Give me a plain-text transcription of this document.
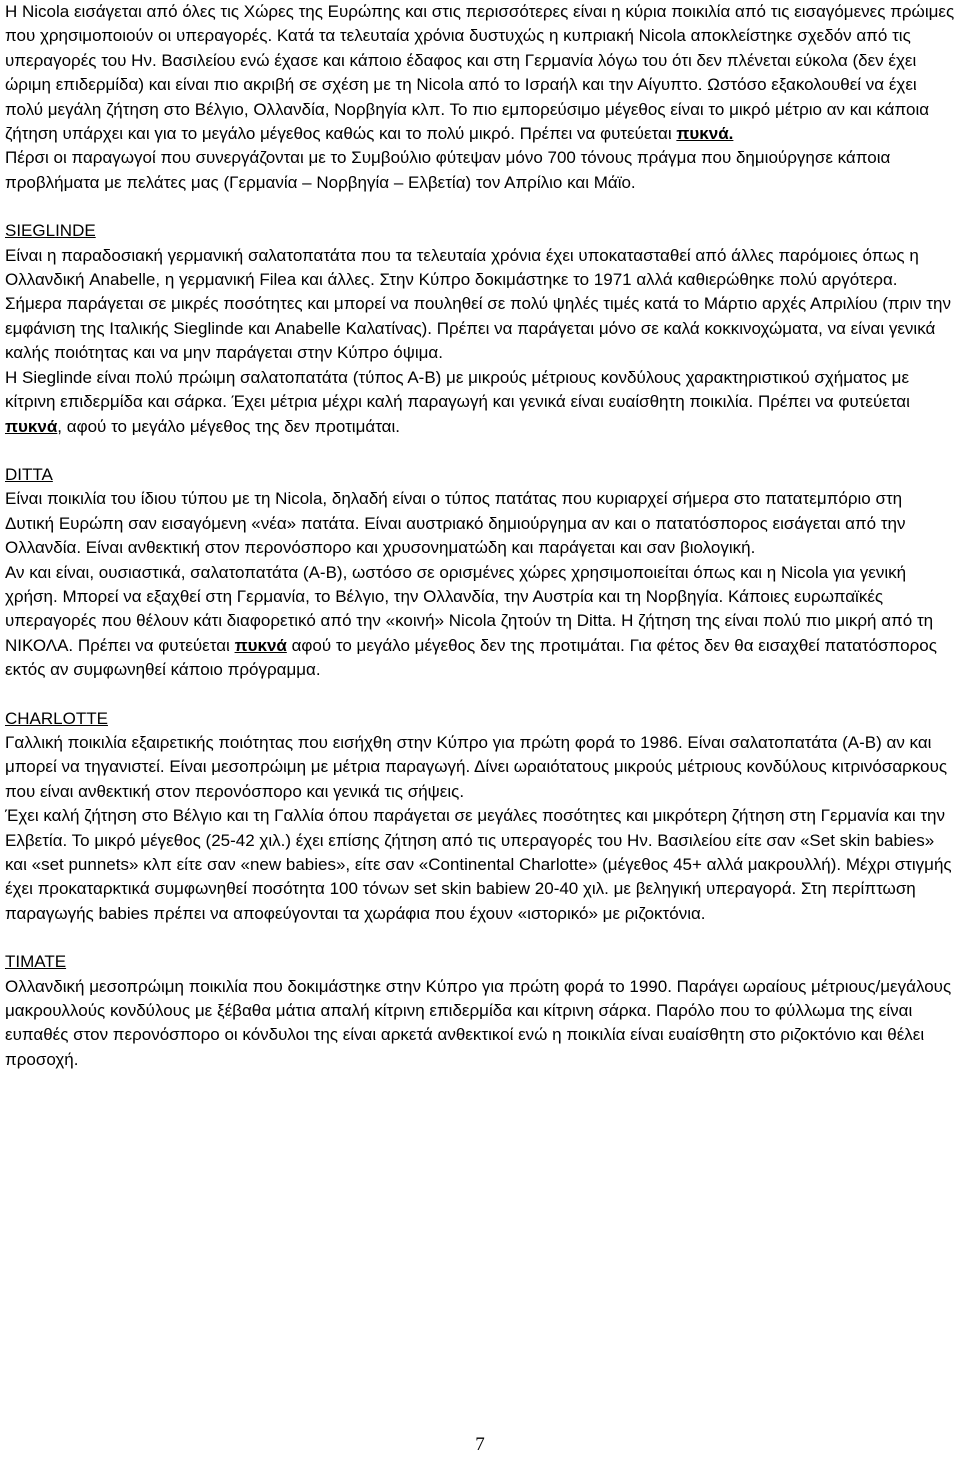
Η Nicola εισάγεται από όλες τις Χώρες της Ευρώπης και στις περισσότερες είναι η κύρια ποικιλία από τις εισαγόμενες πρώιμες που χρησιμοποιούν οι υπεραγορές. Κατά τα τελευταία χρόνια δυστυχώς η κυπριακή Nicola αποκλείστηκε σχεδόν από τις υπεραγορές του Ην. Βασιλείου ενώ έχασε και κάποιο έδαφος και στη Γερμανία λόγω του ότι δεν πλένεται εύκολα (δεν έχει ώριμη επιδερμίδα) και είναι πιο ακριβή σε σχέση με τη Nicola από το Ισραήλ και την Αίγυπτο. Ωστόσο εξακολουθεί να έχει πολύ μεγάλη ζήτηση στο Βέλγιο, Ολλανδία, Νορβηγία κλπ. Το πιο εμπορεύσιμο μέγεθος είναι το μικρό μέτριο αν και κάποια ζήτηση υπάρχει και για το μεγάλο μέγεθος καθώς και το πολύ μικρό. Πρέπει να φυτεύεται πυκνά.

Πέρσι οι παραγωγοί που συνεργάζονται με το Συμβούλιο φύτεψαν μόνο 700 τόνους πράγμα που δημιούργησε κάποια προβλήματα με πελάτες μας (Γερμανία – Νορβηγία – Ελβετία) τον Απρίλιο και Μάϊο.

SIEGLINDE

Είναι η παραδοσιακή γερμανική σαλατοπατάτα που τα τελευταία χρόνια έχει υποκατασταθεί από άλλες παρόμοιες όπως η Ολλανδική Anabelle, η γερμανική Filea και άλλες. Στην Κύπρο δοκιμάστηκε το 1971 αλλά καθιερώθηκε πολύ αργότερα. Σήμερα παράγεται σε μικρές ποσότητες και μπορεί να πουληθεί σε πολύ ψηλές τιμές κατά το Μάρτιο αρχές Απριλίου (πριν την εμφάνιση της Ιταλικής Sieglinde και Anabelle Καλατίνας). Πρέπει να παράγεται μόνο σε καλά κοκκινοχώματα, να είναι γενικά καλής ποιότητας και να μην παράγεται στην Κύπρο όψιμα.

Η Sieglinde είναι πολύ πρώιμη σαλατοπατάτα (τύπος Α-Β) με μικρούς μέτριους κονδύλους χαρακτηριστικού σχήματος με κίτρινη επιδερμίδα και σάρκα. Έχει μέτρια μέχρι καλή παραγωγή και γενικά είναι ευαίσθητη ποικιλία. Πρέπει να φυτεύεται πυκνά, αφού το μεγάλο μέγεθος της δεν προτιμάται.

DITTA

Είναι ποικιλία του ίδιου τύπου με τη Nicola, δηλαδή είναι ο τύπος πατάτας που κυριαρχεί σήμερα στο πατατεμπόριο στη Δυτική Ευρώπη σαν εισαγόμενη «νέα» πατάτα. Είναι αυστριακό δημιούργημα αν και ο πατατόσπορος εισάγεται από την Ολλανδία. Είναι ανθεκτική στον περονόσπορο και χρυσονηματώδη και παράγεται και σαν βιολογική.

Αν και είναι, ουσιαστικά, σαλατοπατάτα (Α-Β), ωστόσο σε ορισμένες χώρες χρησιμοποιείται όπως και η Nicola για γενική χρήση. Μπορεί να εξαχθεί στη Γερμανία, το Βέλγιο, την Ολλανδία, την Αυστρία και τη Νορβηγία. Κάποιες ευρωπαϊκές υπεραγορές που θέλουν κάτι διαφορετικό από την «κοινή» Nicola ζητούν τη Ditta. Η ζήτηση της είναι πολύ πιο μικρή από τη ΝΙΚΟΛΑ. Πρέπει να φυτεύεται πυκνά αφού το μεγάλο μέγεθος δεν της προτιμάται. Για φέτος δεν θα εισαχθεί πατατόσπορος εκτός αν συμφωνηθεί κάποιο πρόγραμμα.

CHARLOTTE

Γαλλική ποικιλία εξαιρετικής ποιότητας που εισήχθη στην Κύπρο για πρώτη φορά το 1986. Είναι σαλατοπατάτα (Α-Β) αν και μπορεί να τηγανιστεί. Είναι μεσοπρώιμη με μέτρια παραγωγή. Δίνει ωραιότατους μικρούς μέτριους κονδύλους κιτρινόσαρκους που είναι ανθεκτική στον περονόσπορο και γενικά τις σήψεις.

Έχει καλή ζήτηση στο Βέλγιο και τη Γαλλία όπου παράγεται σε μεγάλες ποσότητες και μικρότερη ζήτηση στη Γερμανία και την Ελβετία. Το μικρό μέγεθος (25-42 χιλ.) έχει επίσης ζήτηση από τις υπεραγορές του Ην. Βασιλείου είτε σαν «Set skin babies» και «set punnets» κλπ είτε σαν «new babies», είτε σαν «Continental Charlotte» (μέγεθος 45+ αλλά μακρουλλή). Μέχρι στιγμής έχει προκαταρκτικά συμφωνηθεί ποσότητα 100 τόνων set skin babiew 20-40 χιλ. με βεληγική υπεραγορά. Στη περίπτωση παραγωγής babies πρέπει να αποφεύγονται τα χωράφια που έχουν «ιστορικό» με ριζοκτόνια.

TIMATE

Ολλανδική μεσοπρώιμη ποικιλία που δοκιμάστηκε στην Κύπρο για πρώτη φορά το 1990. Παράγει ωραίους μέτριους/μεγάλους μακρουλλούς κονδύλους με ξέβαθα μάτια απαλή κίτρινη επιδερμίδα και κίτρινη σάρκα. Παρόλο που το φύλλωμα της είναι ευπαθές στον περονόσπορο οι κόνδυλοι της είναι αρκετά ανθεκτικοί ενώ η ποικιλία είναι ευαίσθητη στο ριζοκτόνιο και θέλει προσοχή.

7
